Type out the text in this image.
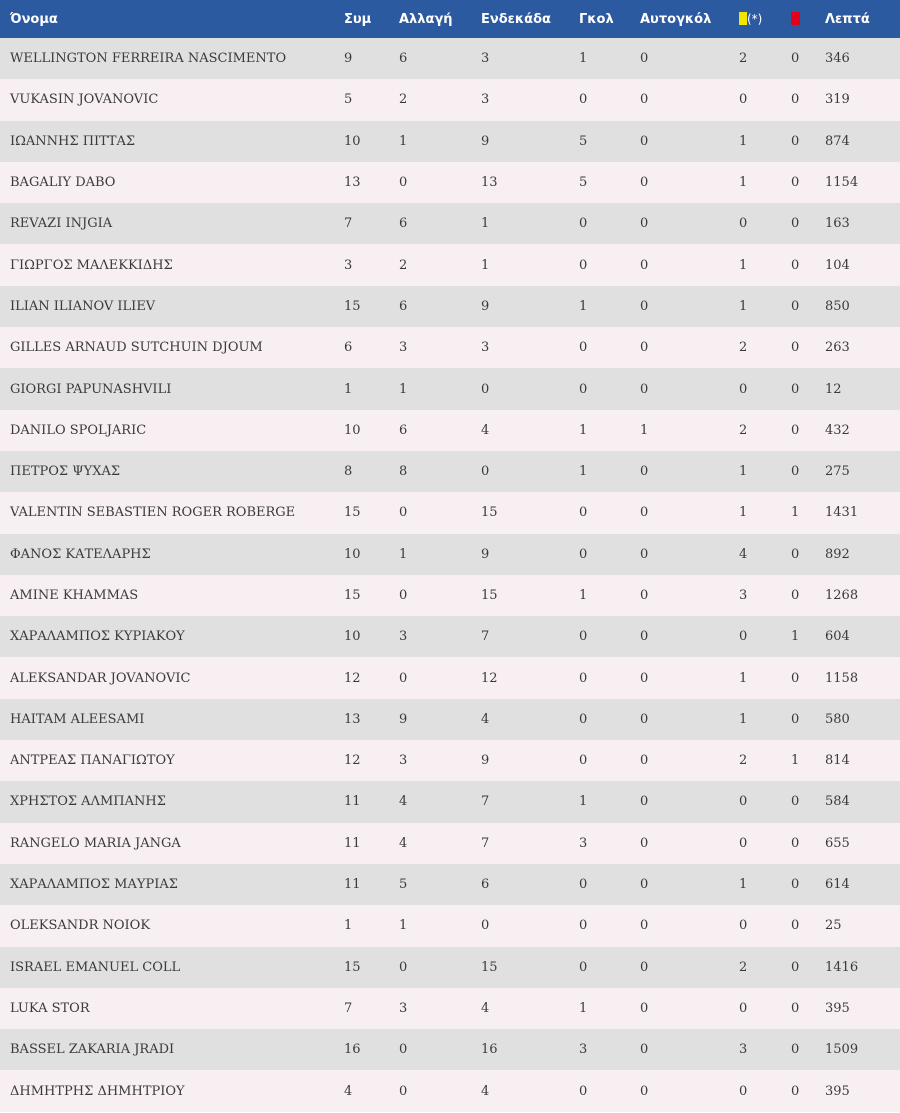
Όνομα	Συμ	Αλλαγή	Ενδεκάδα	Γκολ	Αυτογκόλ	(*)		Λεπτά
WELLINGTON FERREIRA NASCIMENTO	9	6	3	1	0	2	0	346
VUKASIN JOVANOVIC	5	2	3	0	0	0	0	319
ΙΩΑΝΝΗΣ ΠΙΤΤΑΣ	10	1	9	5	0	1	0	874
BAGALIY DABO	13	0	13	5	0	1	0	1154
REVAZI INJGIA	7	6	1	0	0	0	0	163
ΓΙΩΡΓΟΣ ΜΑΛΕΚΚΙΔΗΣ	3	2	1	0	0	1	0	104
ILIAN ILIANOV ILIEV	15	6	9	1	0	1	0	850
GILLES ARNAUD SUTCHUIN DJOUM	6	3	3	0	0	2	0	263
GIORGI PAPUNASHVILI	1	1	0	0	0	0	0	12
DANILO SPOLJARIC	10	6	4	1	1	2	0	432
ΠΕΤΡΟΣ ΨΥΧΑΣ	8	8	0	1	0	1	0	275
VALENTIN SEBASTIEN ROGER ROBERGE	15	0	15	0	0	1	1	1431
ΦΑΝΟΣ ΚΑΤΕΛΑΡΗΣ	10	1	9	0	0	4	0	892
AMINE KHAMMAS	15	0	15	1	0	3	0	1268
ΧΑΡΑΛΑΜΠΟΣ ΚΥΡΙΑΚΟΥ	10	3	7	0	0	0	1	604
ALEKSANDAR JOVANOVIC	12	0	12	0	0	1	0	1158
HAITAM ALEESAMI	13	9	4	0	0	1	0	580
ΑΝΤΡΕΑΣ ΠΑΝΑΓΙΩΤΟΥ	12	3	9	0	0	2	1	814
ΧΡΗΣΤΟΣ ΑΛΜΠΑΝΗΣ	11	4	7	1	0	0	0	584
RANGELO MARIA JANGA	11	4	7	3	0	0	0	655
ΧΑΡΑΛΑΜΠΟΣ ΜΑΥΡΙΑΣ	11	5	6	0	0	1	0	614
OLEKSANDR NOIOK	1	1	0	0	0	0	0	25
ISRAEL EMANUEL COLL	15	0	15	0	0	2	0	1416
LUKA STOR	7	3	4	1	0	0	0	395
BASSEL ZAKARIA JRADI	16	0	16	3	0	3	0	1509
ΔΗΜΗΤΡΗΣ ΔΗΜΗΤΡΙΟΥ	4	0	4	0	0	0	0	395
